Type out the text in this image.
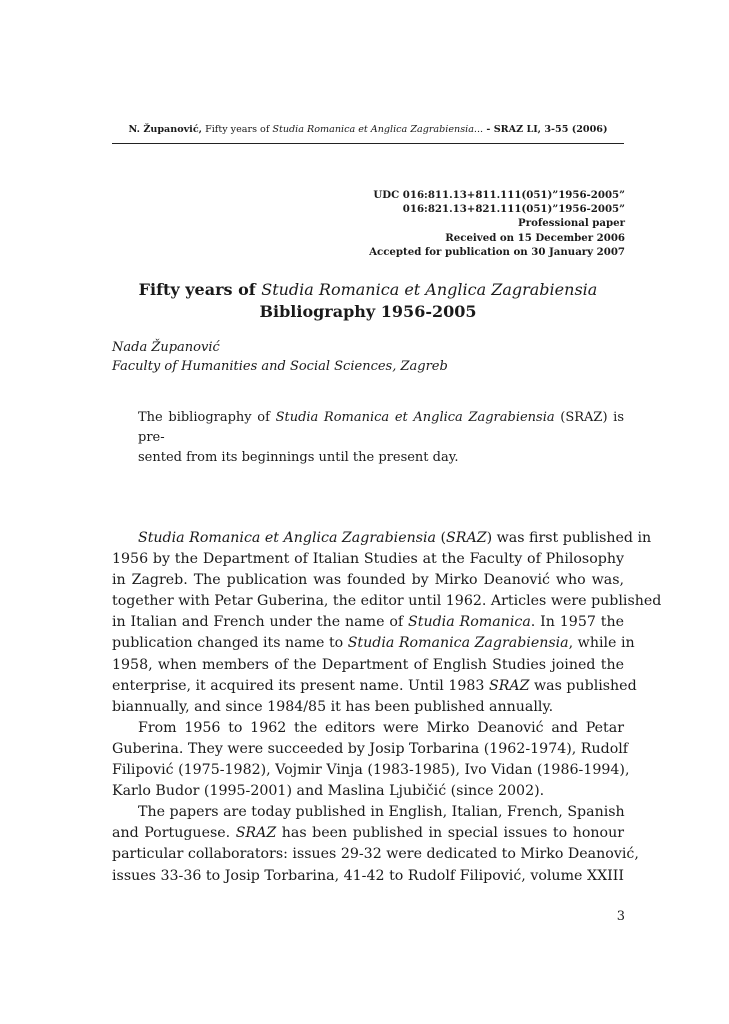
N. Županović, Fifty years of Studia Romanica et Anglica Zagrabiensia... - SRAZ LI, 3-55 (2006)
UDC 016:811.13+811.111(051)”1956-2005”
016:821.13+821.111(051)”1956-2005”
Professional paper
Received on 15 December 2006
Accepted for publication on 30 January 2007
Fifty years of Studia Romanica et Anglica Zagrabiensia
Bibliography 1956-2005
Nada Županović
Faculty of Humanities and Social Sciences, Zagreb
The bibliography of Studia Romanica et Anglica Zagrabiensia (SRAZ) is pre-
sented from its beginnings until the present day.
Studia Romanica et Anglica Zagrabiensia (SRAZ) was first published in
1956 by the Department of Italian Studies at the Faculty of Philosophy
in Zagreb. The publication was founded by Mirko Deanović who was,
together with Petar Guberina, the editor until 1962. Articles were published
in Italian and French under the name of Studia Romanica. In 1957 the
publication changed its name to Studia Romanica Zagrabiensia, while in
1958, when members of the Department of English Studies joined the
enterprise, it acquired its present name. Until 1983 SRAZ was published
biannually, and since 1984/85 it has been published annually.
From 1956 to 1962 the editors were Mirko Deanović and Petar
Guberina. They were succeeded by Josip Torbarina (1962-1974), Rudolf
Filipović (1975-1982), Vojmir Vinja (1983-1985), Ivo Vidan (1986-1994),
Karlo Budor (1995-2001) and Maslina Ljubičić (since 2002).
The papers are today published in English, Italian, French, Spanish
and Portuguese. SRAZ has been published in special issues to honour
particular collaborators: issues 29-32 were dedicated to Mirko Deanović,
issues 33-36 to Josip Torbarina, 41-42 to Rudolf Filipović, volume XXIII
3
